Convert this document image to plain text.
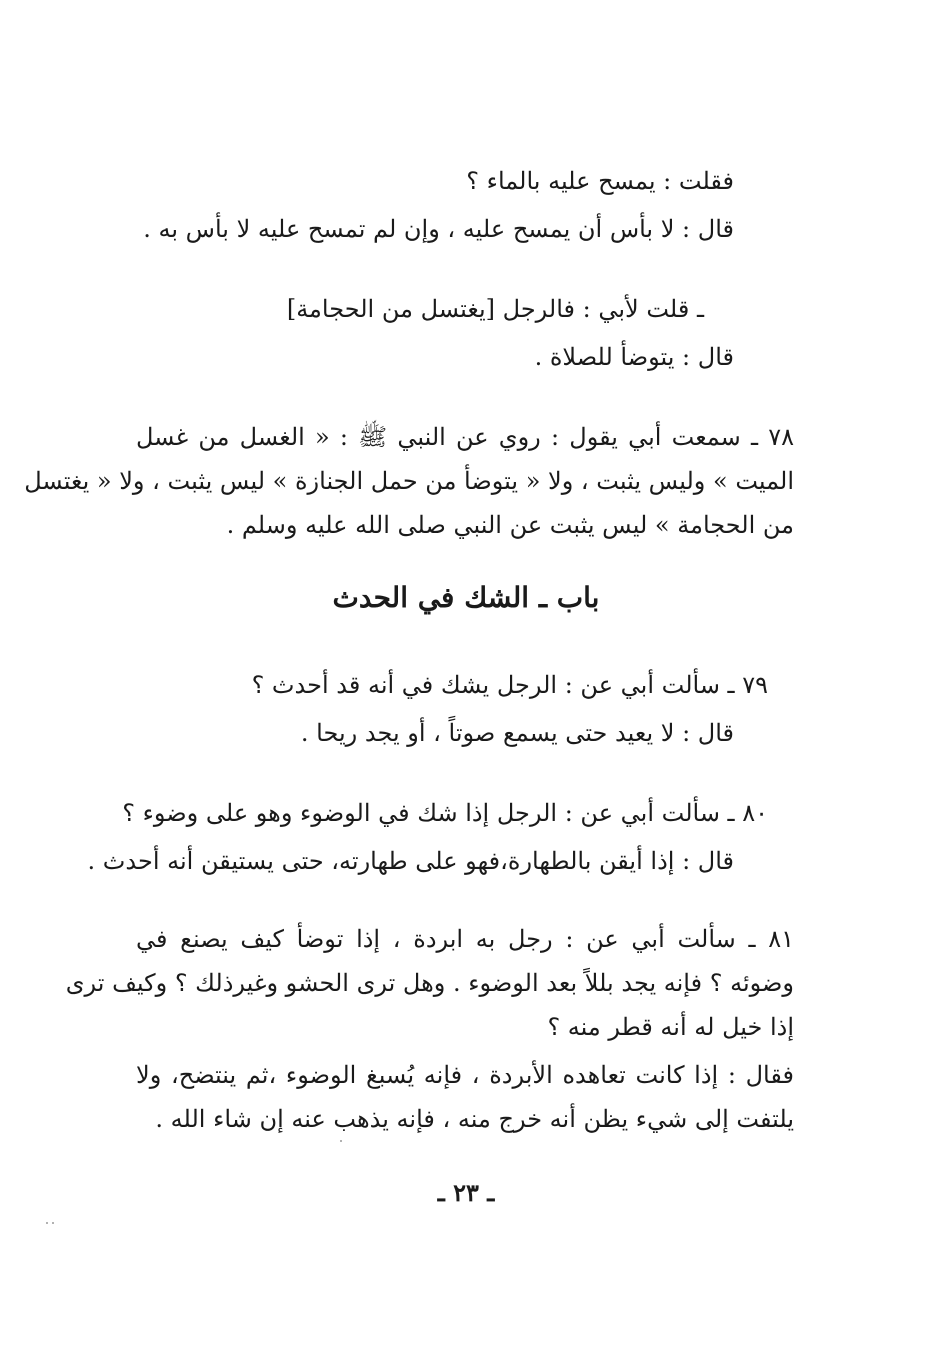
فقلت : يمسح عليه بالماء ؟
قال : لا بأس أن يمسح عليه ، وإن لم تمسح عليه لا بأس به .
ـ قلت لأبي : فالرجل [يغتسل من الحجامة]
قال : يتوضأ للصلاة .
٧٨ ـ سمعت أبي يقول : روي عن النبي ﷺ : « الغسل من غسل
الميت » وليس يثبت ، ولا « يتوضأ من حمل الجنازة » ليس يثبت ، ولا « يغتسل
من الحجامة » ليس يثبت عن النبي صلى الله عليه وسلم .
باب ـ الشك في الحدث
٧٩ ـ سألت أبي عن : الرجل يشك في أنه قد أحدث ؟
قال : لا يعيد حتى يسمع صوتاً ، أو يجد ريحا .
٨٠ ـ سألت أبي عن : الرجل إذا شك في الوضوء وهو على وضوء ؟
قال : إذا أيقن بالطهارة،فهو على طهارته، حتى يستيقن أنه أحدث .
٨١ ـ سألت أبي عن : رجل به ابردة ، إذا توضأ كيف يصنع في
وضوئه ؟ فإنه يجد بللاً بعد الوضوء . وهل ترى الحشو وغيرذلك ؟ وكيف ترى
إذا خيل له أنه قطر منه ؟
فقال : إذا كانت تعاهده الأبردة ، فإنه يُسبغ الوضوء ،ثم ينتضح، ولا
يلتفت إلى شيء يظن أنه خرج منه ، فإنه يذهب عنه إن شاء الله .
ـ ٢٣ ـ
